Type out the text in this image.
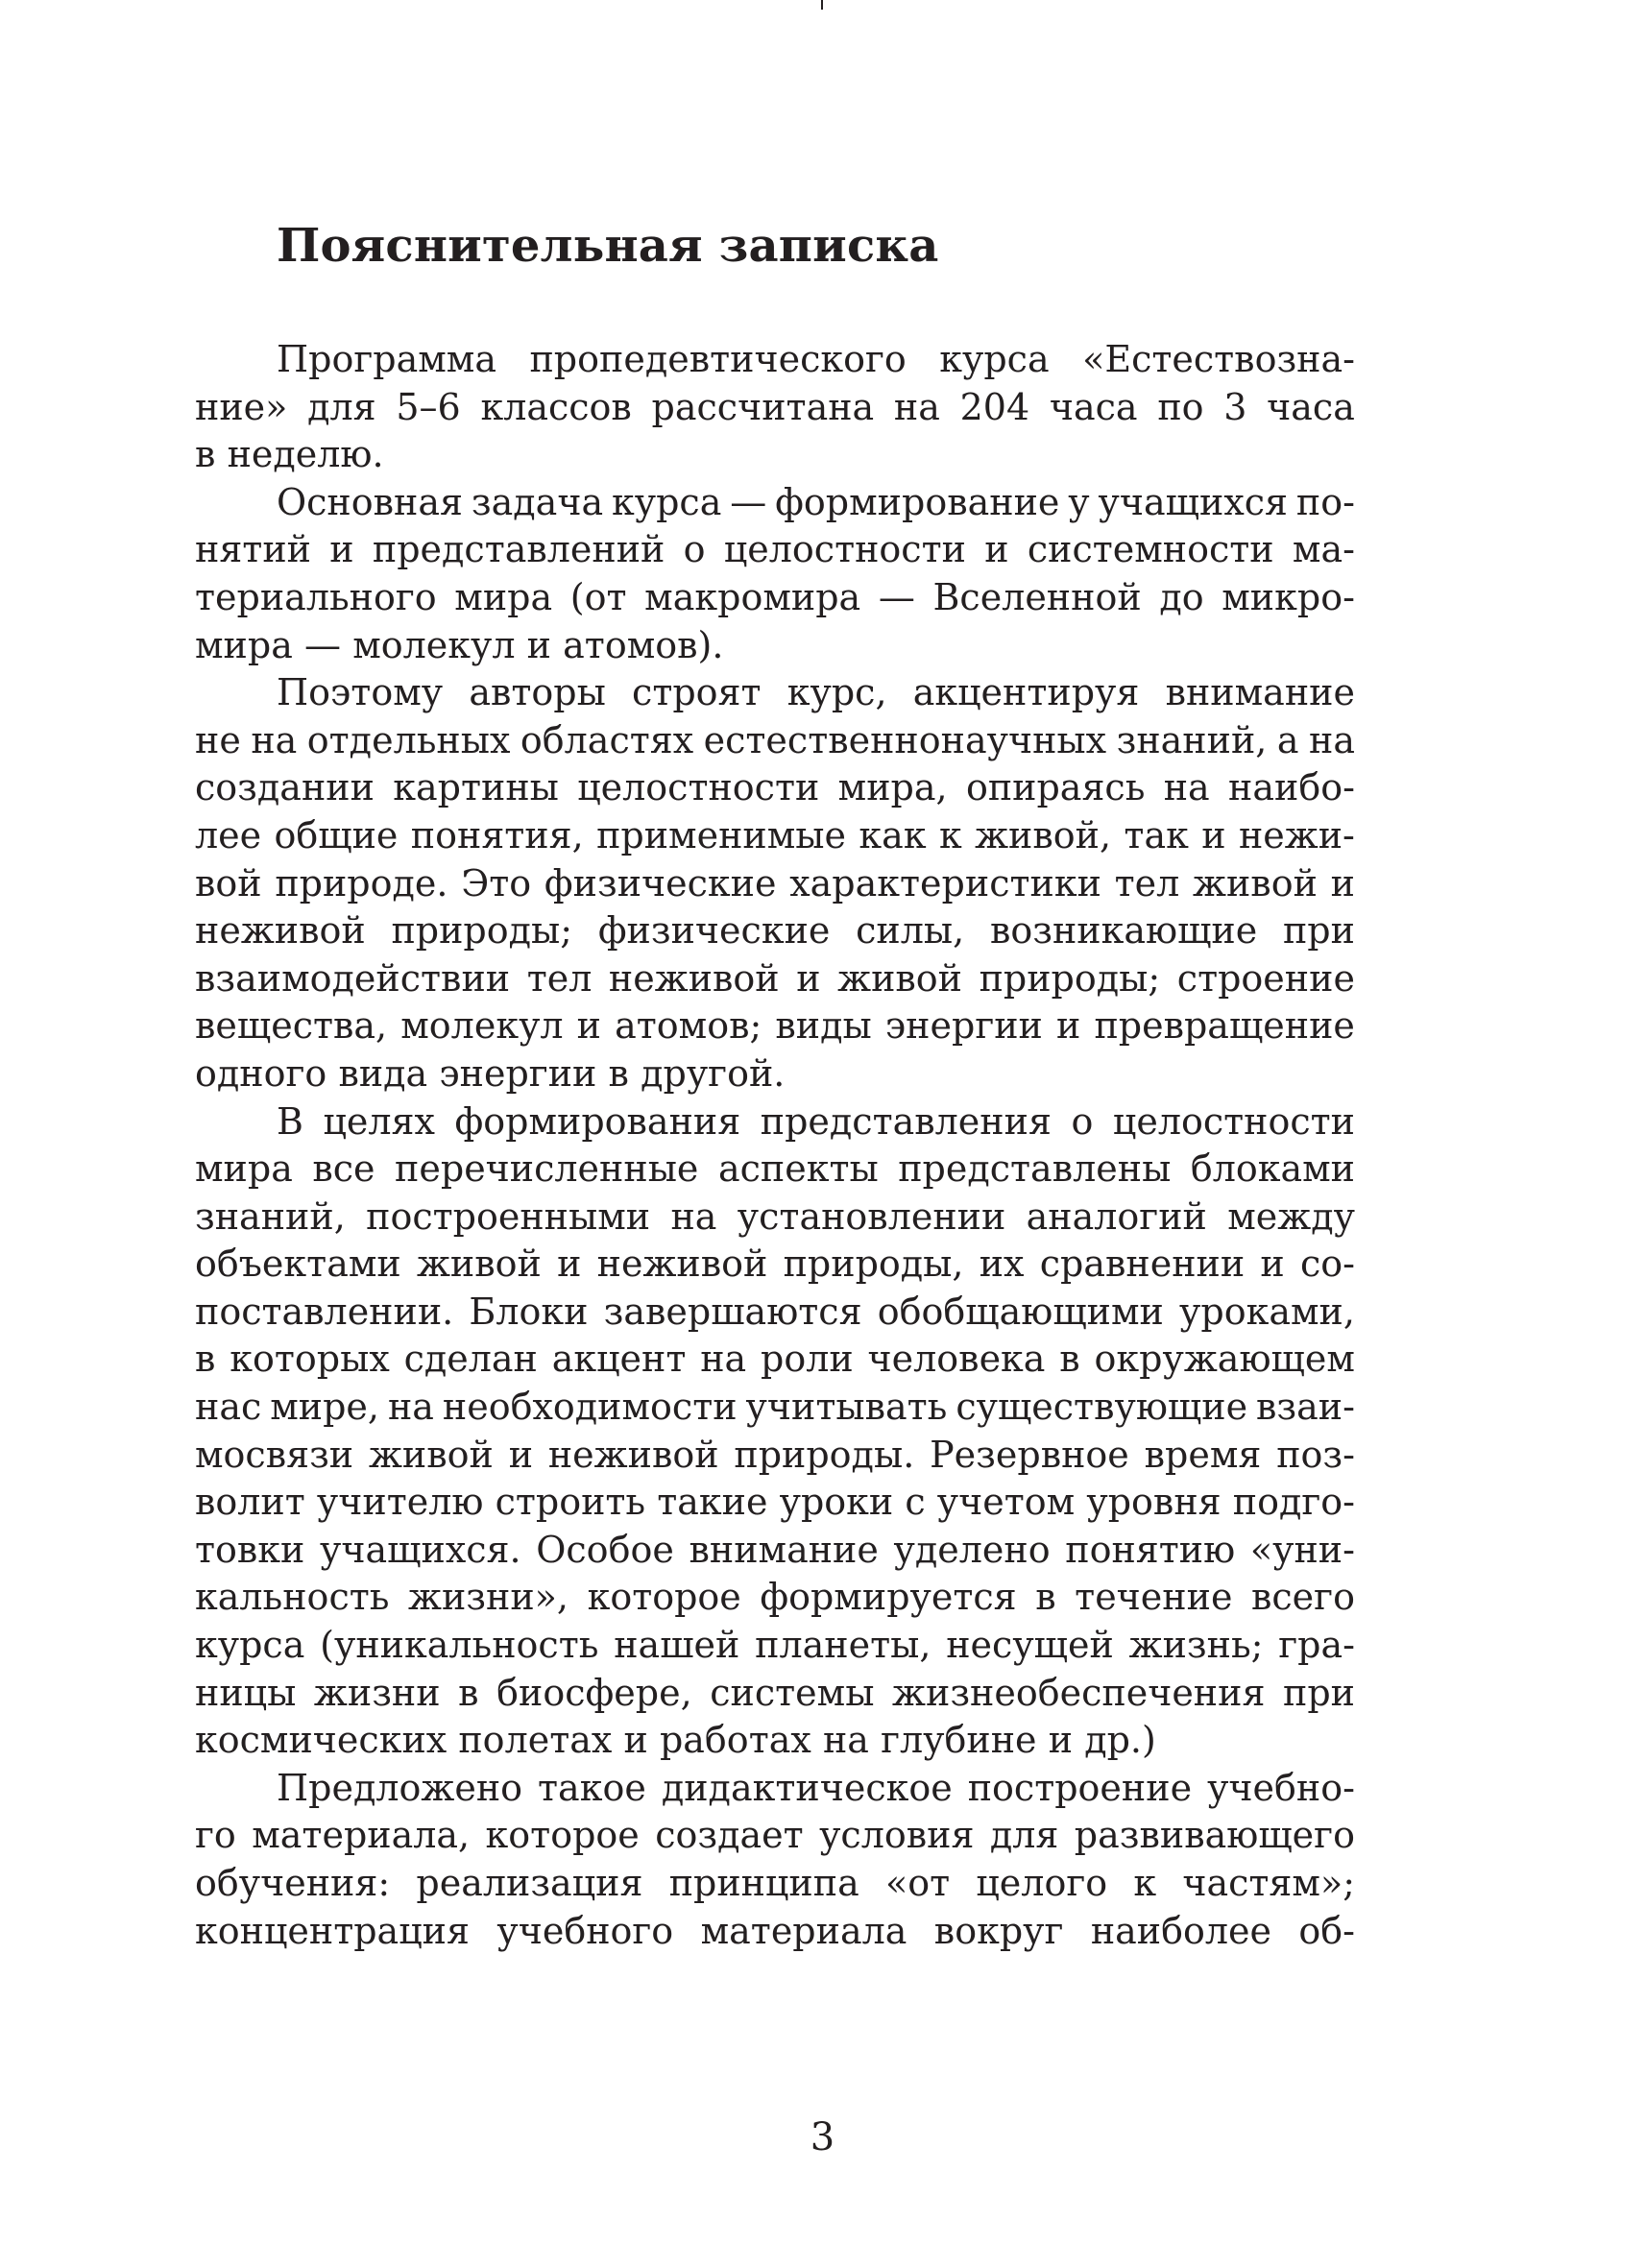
Пояснительная записка
Программа пропедевтического курса «Естествозна-
ние» для 5–6 классов рассчитана на 204 часа по 3 часа
в неделю.
Основная задача курса — формирование у учащихся по-
нятий и представлений о целостности и системности ма-
териального мира (от макромира — Вселенной до микро-
мира — молекул и атомов).
Поэтому авторы строят курс, акцентируя внимание
не на отдельных областях естественнонаучных знаний, а на
создании картины целостности мира, опираясь на наибо-
лее общие понятия, применимые как к живой, так и нежи-
вой природе. Это физические характеристики тел живой и
неживой природы; физические силы, возникающие при
взаимодействии тел неживой и живой природы; строение
вещества, молекул и атомов; виды энергии и превращение
одного вида энергии в другой.
В целях формирования представления о целостности
мира все перечисленные аспекты представлены блоками
знаний, построенными на установлении аналогий между
объектами живой и неживой природы, их сравнении и со-
поставлении. Блоки завершаются обобщающими уроками,
в которых сделан акцент на роли человека в окружающем
нас мире, на необходимости учитывать существующие взаи-
мосвязи живой и неживой природы. Резервное время поз-
волит учителю строить такие уроки с учетом уровня подго-
товки учащихся. Особое внимание уделено понятию «уни-
кальность жизни», которое формируется в течение всего
курса (уникальность нашей планеты, несущей жизнь; гра-
ницы жизни в биосфере, системы жизнеобеспечения при
космических полетах и работах на глубине и др.)
Предложено такое дидактическое построение учебно-
го материала, которое создает условия для развивающего
обучения: реализация принципа «от целого к частям»;
концентрация учебного материала вокруг наиболее об-
3
